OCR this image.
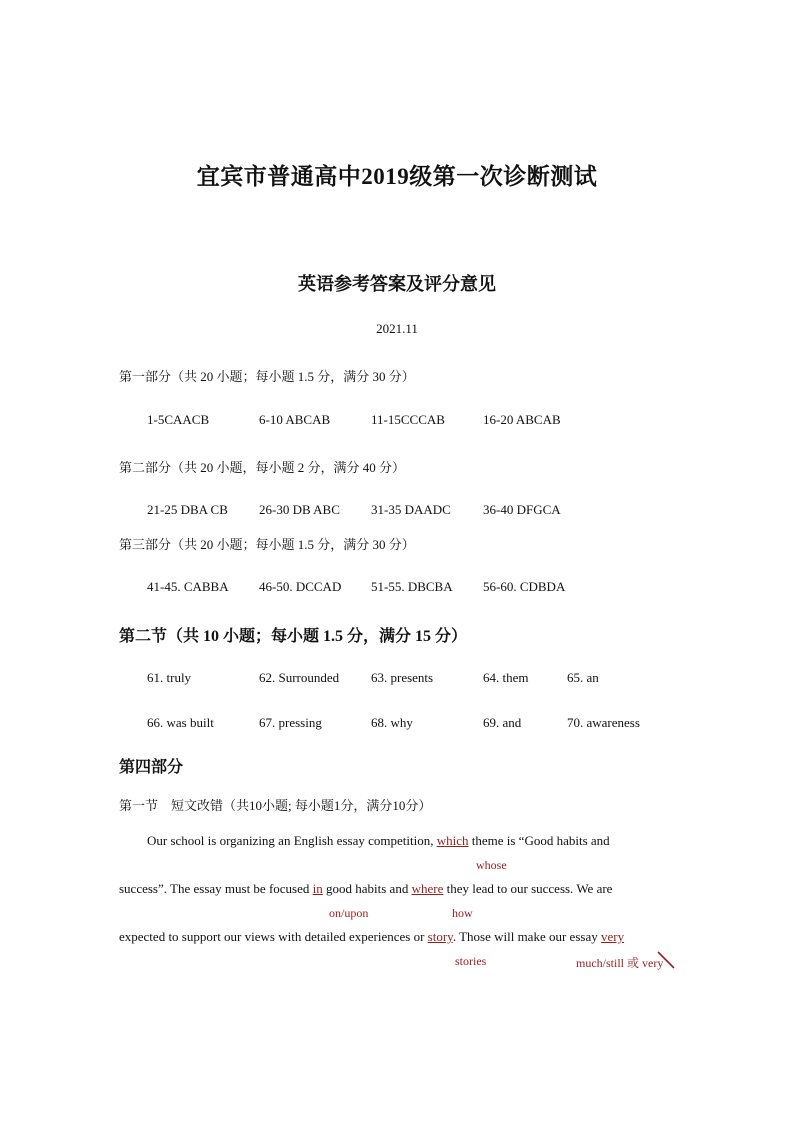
宜宾市普通高中2019级第一次诊断测试
英语参考答案及评分意见
2021.11
第一部分（共 20 小题；每小题 1.5 分，满分 30 分）
1-5CAACB	6-10 ABCAB	11-15CCCAB	16-20 ABCAB
第二部分（共 20 小题，每小题 2 分，满分 40 分）
21-25 DBA CB 26-30 DB ABC 31-35 DAADC 36-40 DFGCA
第三部分（共 20 小题；每小题 1.5 分，满分 30 分）
41-45. CABBA 46-50. DCCAD 51-55. DBCBA 56-60. CDBDA
第二节（共 10 小题；每小题 1.5 分，满分 15 分）
61. truly	62. Surrounded 63. presents	64. them	65. an
66. was built	67. pressing	68. why	69. and	70. awareness
第四部分
第一节　短文改错（共10小题; 每小题1分，满分10分）
Our school is organizing an English essay competition, which theme is “Good habits and
whose
success”. The essay must be focused in good habits and where they lead to our success. We are
on/upon	how
expected to support our views with detailed experiences or story. Those will make our essay very
stories	much/still 或 very
